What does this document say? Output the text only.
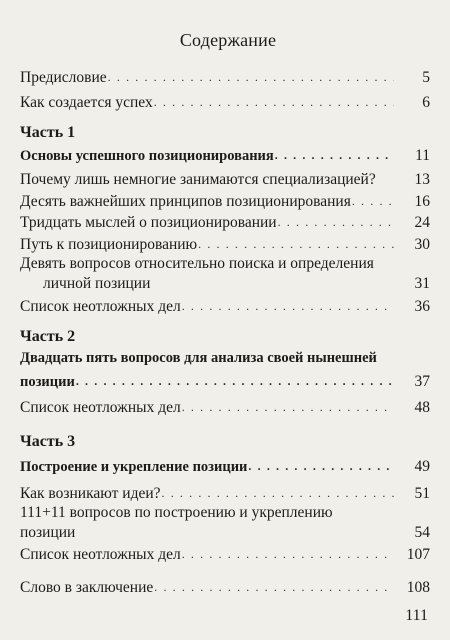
Содержание
Предисловие . . .	5
Как создается успех . . .	6
Часть 1
Основы успешного позиционирования . . .	11
Почему лишь немногие занимаются специализацией?	13
Десять важнейших принципов позиционирования . . .	16
Тридцать мыслей о позиционировании . . .	24
Путь к позиционированию . . .	30
Девять вопросов относительно поиска и определения
личной позиции	31
Список неотложных дел . . .	36
Часть 2
Двадцать пять вопросов для анализа своей нынешней
позиции . . .	37
Список неотложных дел . . .	48
Часть 3
Построение и укрепление позиции . . .	49
Как возникают идеи? . . .	51
111+11 вопросов по построению и укреплению
позиции	54
Список неотложных дел . . .	107
Слово в заключение . . .	108
111
